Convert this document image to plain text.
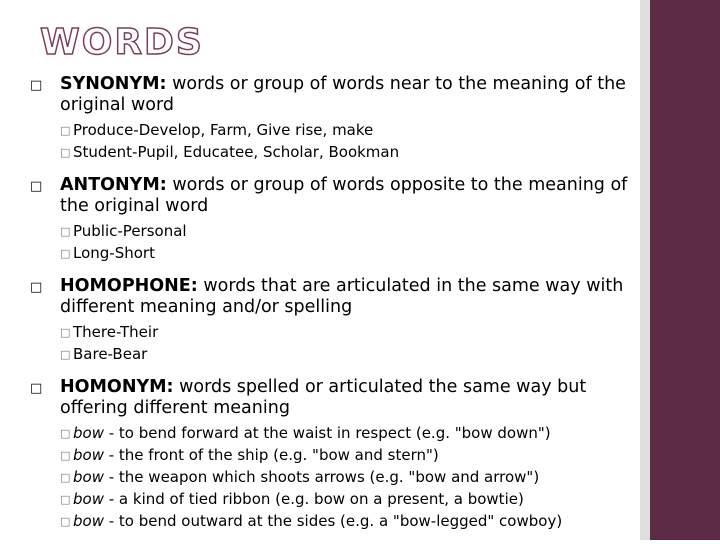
WORDS
□ SYNONYM: words or group of words near to the meaning of the original word
□ Produce-Develop, Farm, Give rise, make
□ Student-Pupil, Educatee, Scholar, Bookman
□ ANTONYM: words or group of words opposite to the meaning of the original word
□ Public-Personal
□ Long-Short
□ HOMOPHONE: words that are articulated in the same way with different meaning and/or spelling
□ There-Their
□ Bare-Bear
□ HOMONYM: words spelled or articulated the same way but offering different meaning
□ bow - to bend forward at the waist in respect (e.g. "bow down")
□ bow - the front of the ship (e.g. "bow and stern")
□ bow - the weapon which shoots arrows (e.g. "bow and arrow")
□ bow - a kind of tied ribbon (e.g. bow on a present, a bowtie)
□ bow - to bend outward at the sides (e.g. a "bow-legged" cowboy)
